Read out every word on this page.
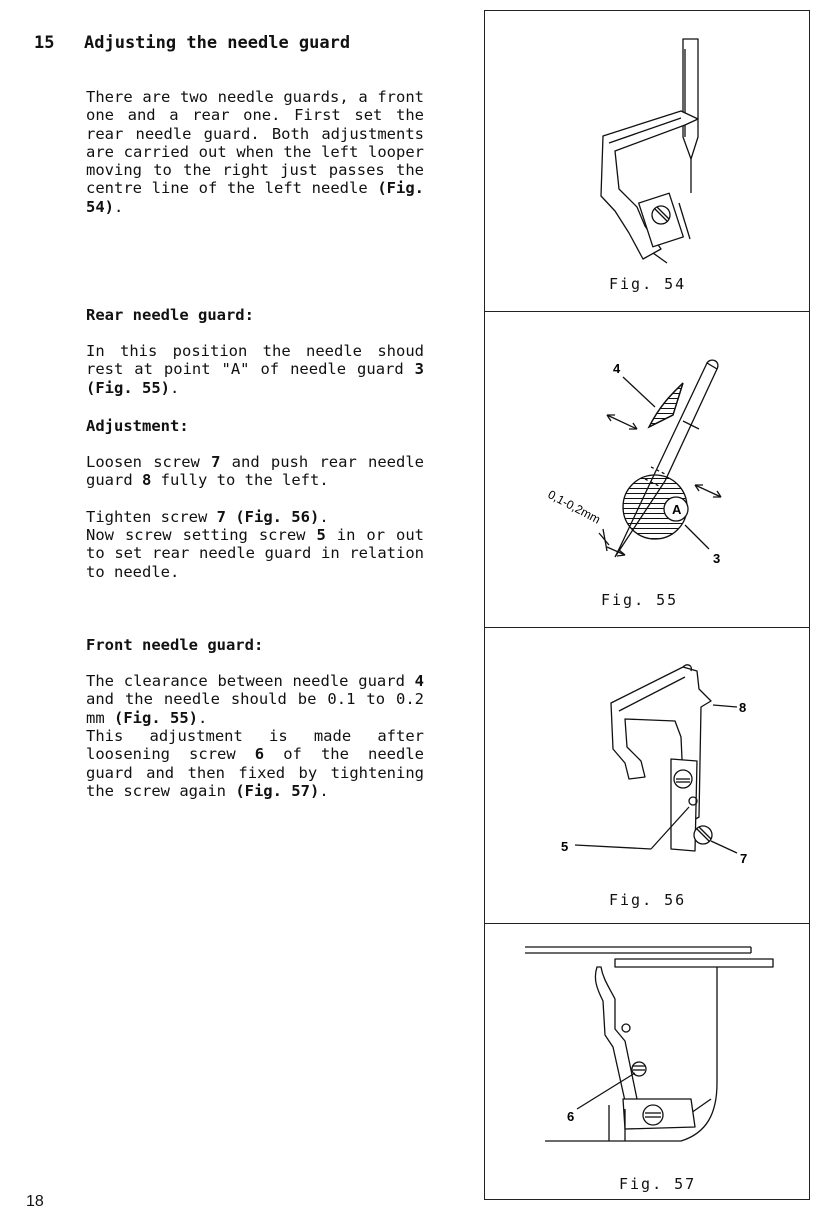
15 Adjusting the needle guard

There are two needle guards, a front one and a rear one. First set the rear needle guard. Both adjustments are carried out when the left looper moving to the right just passes the centre line of the left needle (Fig. 54).

Rear needle guard:

In this position the needle shoud rest at point "A" of needle guard 3 (Fig. 55).

Adjustment:

Loosen screw 7 and push rear needle guard 8 fully to the left.

Tighten screw 7 (Fig. 56).

Now screw setting screw 5 in or out to set rear needle guard in relation to needle.

Front needle guard:

The clearance between needle guard 4 and the needle should be 0.1 to 0.2 mm (Fig. 55).

This adjustment is made after loosening screw 6 of the needle guard and then fixed by tightening the screw again (Fig. 57).

18
Fig. 54
4
A
3
0,1-0,2mm
Fig. 55
8
5
7
Fig. 56
6
Fig. 57
